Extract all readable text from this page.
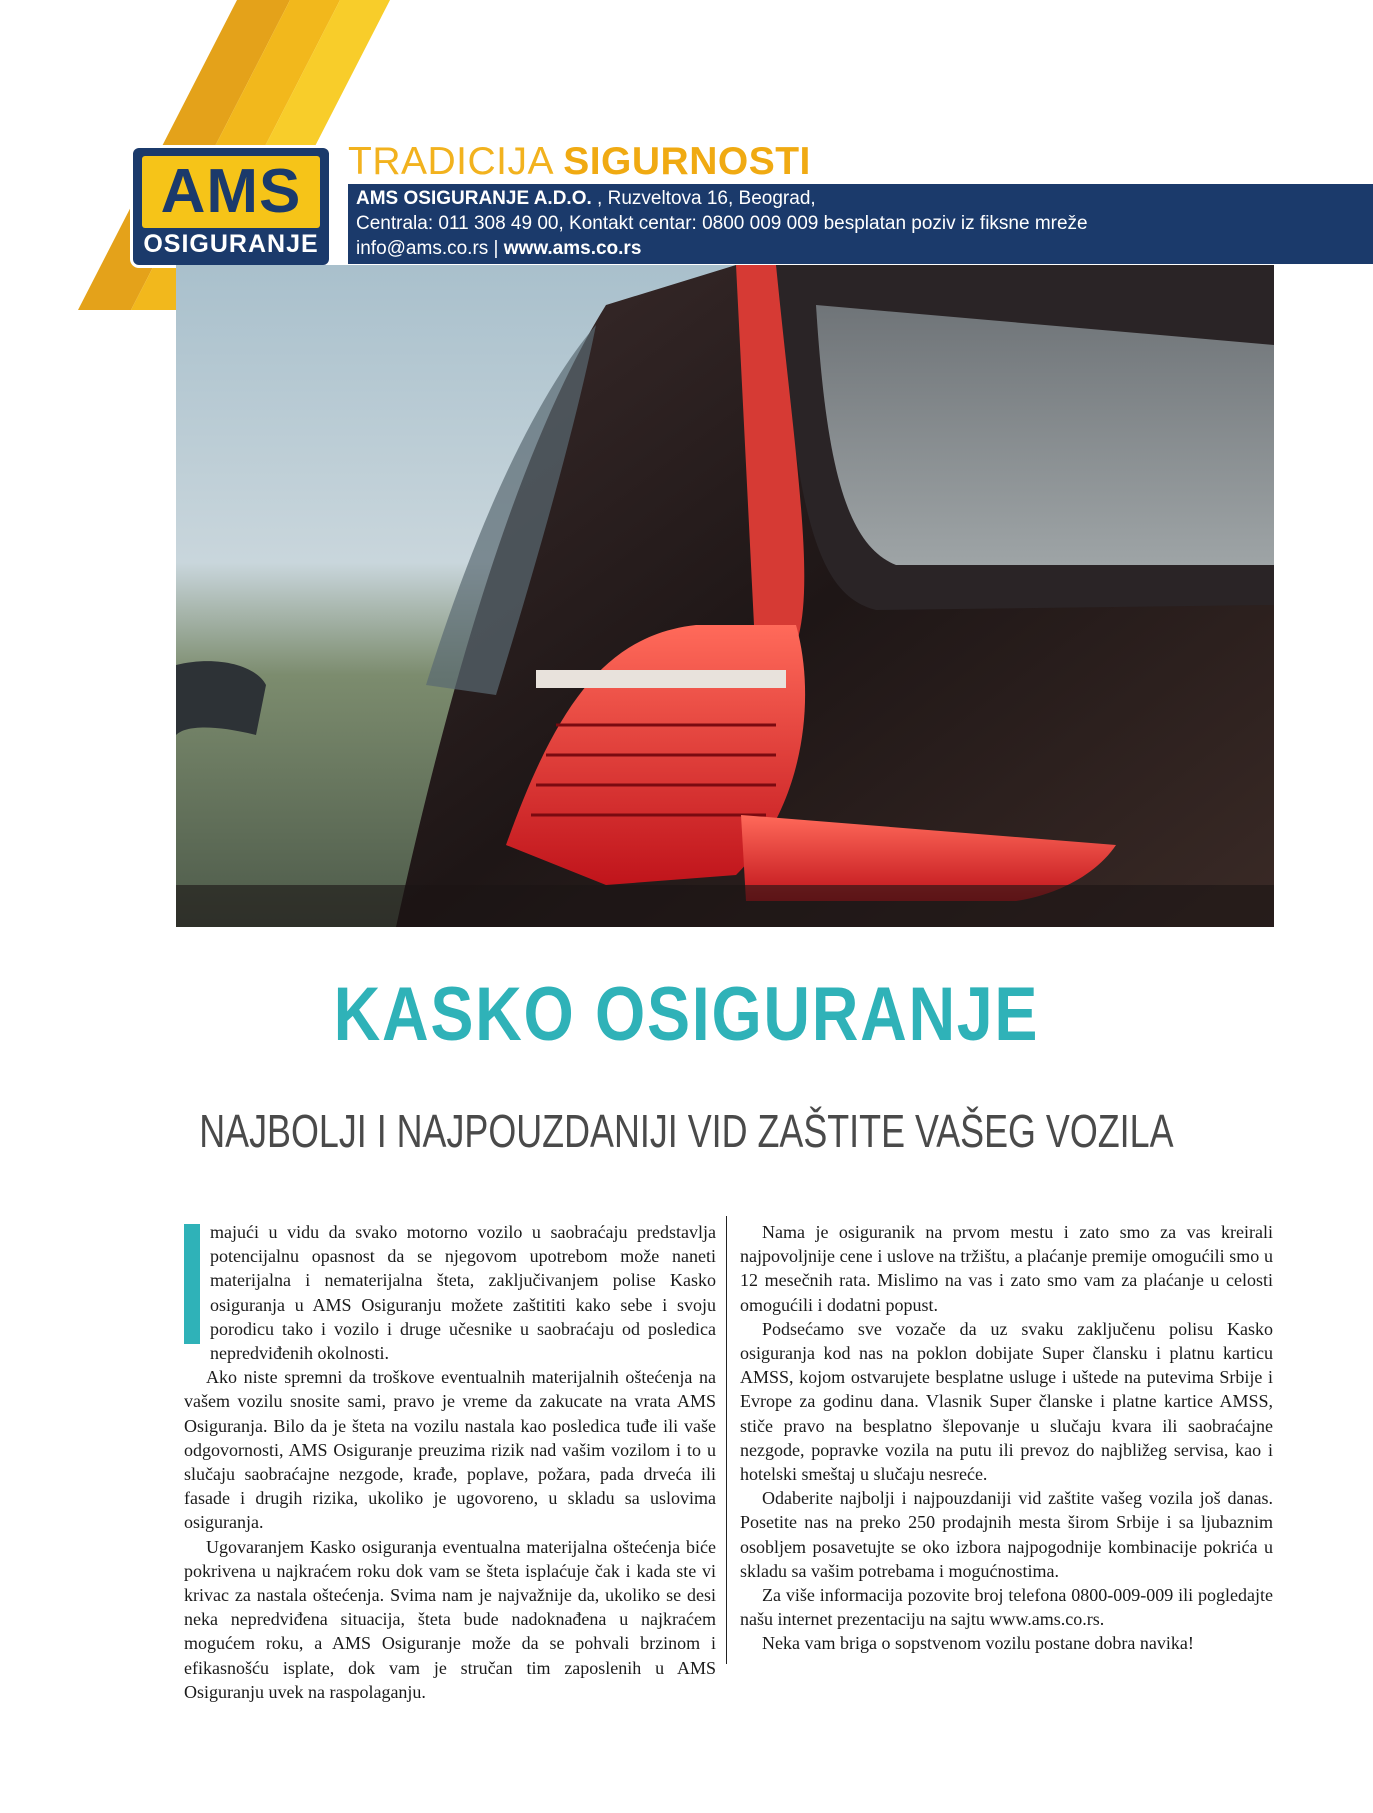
AMS
OSIGURANJE
TRADICIJA SIGURNOSTI
AMS OSIGURANJE A.D.O. , Ruzveltova 16, Beograd,
Centrala: 011 308 49 00, Kontakt centar: 0800 009 009 besplatan poziv iz fiksne mreže
info@ams.co.rs | www.ams.co.rs
KASKO OSIGURANJE
NAJBOLJI I NAJPOUZDANIJI VID ZAŠTITE VAŠEG VOZILA

majući u vidu da svako motorno vozilo u saobraćaju predstavlja potencijalnu opasnost da se njegovom upotrebom može naneti materijalna i nematerijalna šteta, zaključivanjem polise Kasko osiguranja u AMS Osiguranju možete zaštititi kako sebe i svoju porodicu tako i vozilo i druge učesnike u saobraćaju od posledica nepredviđenih okolnosti.

Ako niste spremni da troškove eventualnih materijalnih oštećenja na vašem vozilu snosite sami, pravo je vreme da zakucate na vrata AMS Osiguranja. Bilo da je šteta na vozilu nastala kao posledica tuđe ili vaše odgovornosti, AMS Osiguranje preuzima rizik nad vašim vozilom i to u slučaju saobraćajne nezgode, krađe, poplave, požara, pada drveća ili fasade i drugih rizika, ukoliko je ugovoreno, u skladu sa uslovima osiguranja.

Ugovaranjem Kasko osiguranja eventualna materijalna oštećenja biće pokrivena u najkraćem roku dok vam se šteta isplaćuje čak i kada ste vi krivac za nastala oštećenja. Svima nam je najvažnije da, ukoliko se desi neka nepredviđena situacija, šteta bude nadoknađena u najkraćem mogućem roku, a AMS Osiguranje može da se pohvali brzinom i efikasnošću isplate, dok vam je stručan tim zaposlenih u AMS Osiguranju uvek na raspolaganju.

Nama je osiguranik na prvom mestu i zato smo za vas kreirali najpovoljnije cene i uslove na tržištu, a plaćanje premije omogućili smo u 12 mesečnih rata. Mislimo na vas i zato smo vam za plaćanje u celosti omogućili i dodatni popust.

Podsećamo sve vozače da uz svaku zaključenu polisu Kasko osiguranja kod nas na poklon dobijate Super člansku i platnu karticu AMSS, kojom ostvarujete besplatne usluge i uštede na putevima Srbije i Evrope za godinu dana. Vlasnik Super članske i platne kartice AMSS, stiče pravo na besplatno šlepovanje u slučaju kvara ili saobraćajne nezgode, popravke vozila na putu ili prevoz do najbližeg servisa, kao i hotelski smeštaj u slučaju nesreće.

Odaberite najbolji i najpouzdaniji vid zaštite vašeg vozila još danas. Posetite nas na preko 250 prodajnih mesta širom Srbije i sa ljubaznim osobljem posavetujte se oko izbora najpogodnije kombinacije pokrića u skladu sa vašim potrebama i mogućnostima.

Za više informacija pozovite broj telefona 0800-009-009 ili pogledajte našu internet prezentaciju na sajtu www.ams.co.rs.

Neka vam briga o sopstvenom vozilu postane dobra navika!
